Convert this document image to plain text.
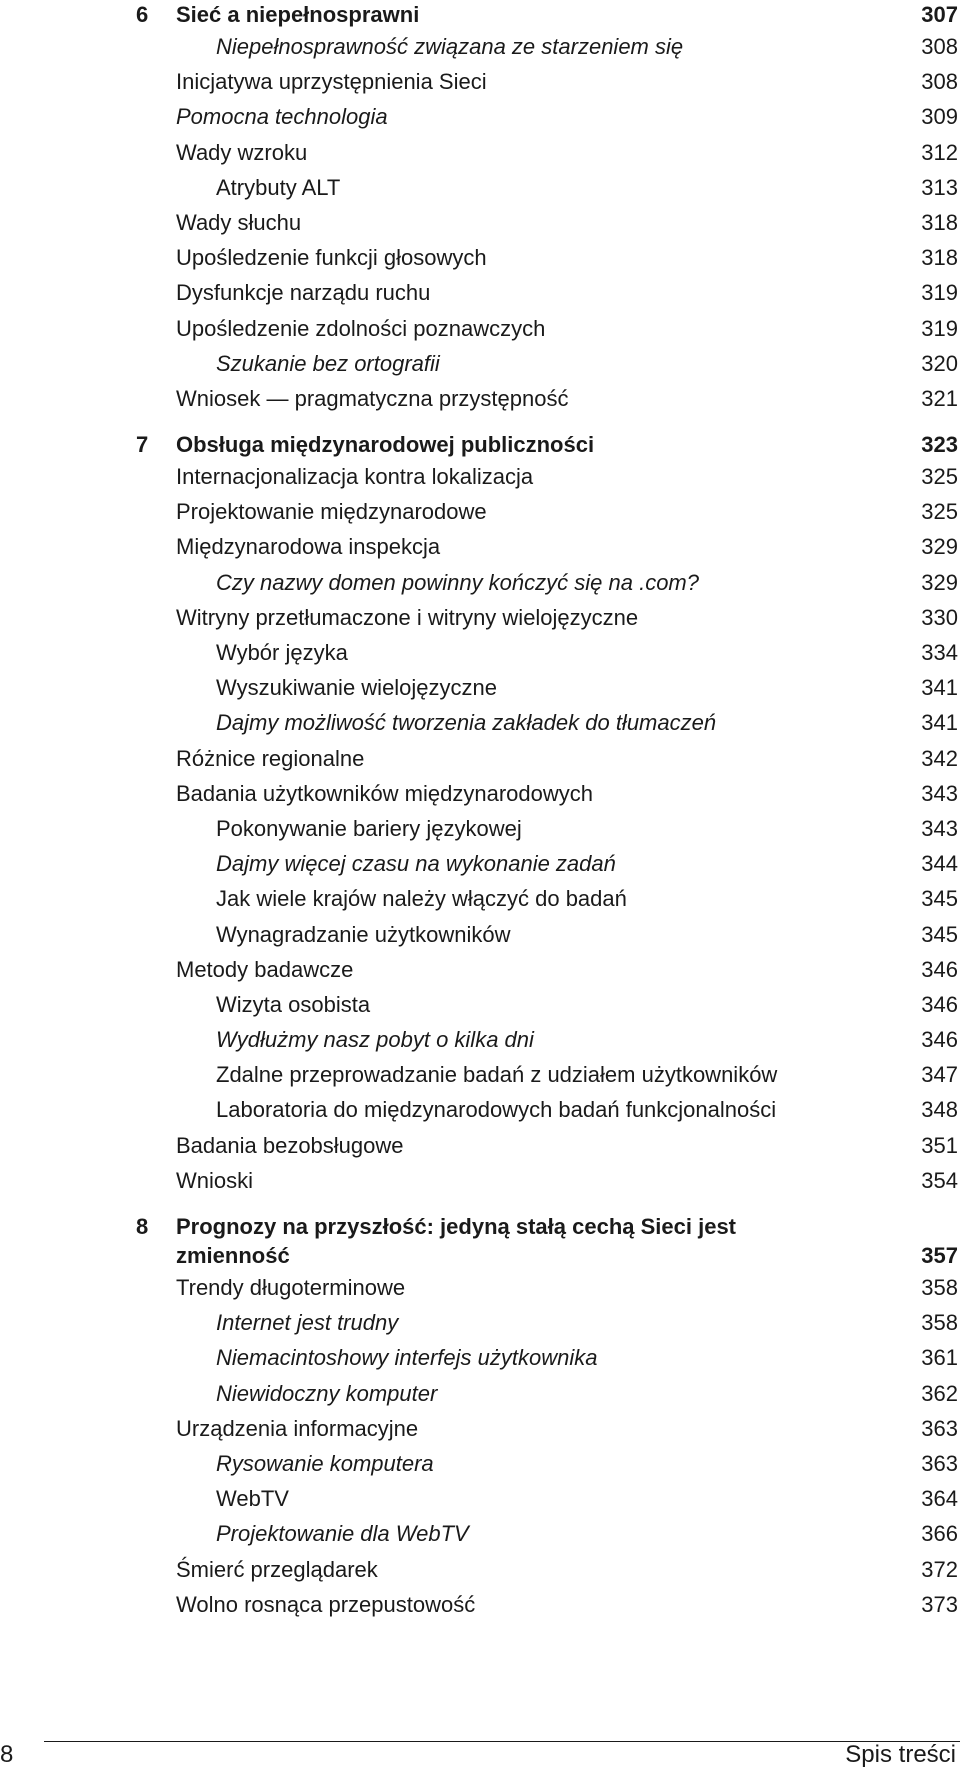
6 Sieć a niepełnosprawni	307
Niepełnosprawność związana ze starzeniem się	308
Inicjatywa uprzystępnienia Sieci	308
Pomocna technologia	309
Wady wzroku	312
Atrybuty ALT	313
Wady słuchu	318
Upośledzenie funkcji głosowych	318
Dysfunkcje narządu ruchu	319
Upośledzenie zdolności poznawczych	319
Szukanie bez ortografii	320
Wniosek — pragmatyczna przystępność	321
7 Obsługa międzynarodowej publiczności	323
Internacjonalizacja kontra lokalizacja	325
Projektowanie międzynarodowe	325
Międzynarodowa inspekcja	329
Czy nazwy domen powinny kończyć się na .com?	329
Witryny przetłumaczone i witryny wielojęzyczne	330
Wybór języka	334
Wyszukiwanie wielojęzyczne	341
Dajmy możliwość tworzenia zakładek do tłumaczeń	341
Różnice regionalne	342
Badania użytkowników międzynarodowych	343
Pokonywanie bariery językowej	343
Dajmy więcej czasu na wykonanie zadań	344
Jak wiele krajów należy włączyć do badań	345
Wynagradzanie użytkowników	345
Metody badawcze	346
Wizyta osobista	346
Wydłużmy nasz pobyt o kilka dni	346
Zdalne przeprowadzanie badań z udziałem użytkowników	347
Laboratoria do międzynarodowych badań funkcjonalności	348
Badania bezobsługowe	351
Wnioski	354
8 Prognozy na przyszłość: jedyną stałą cechą Sieci jest zmienność	357
Trendy długoterminowe	358
Internet jest trudny	358
Niemacintoshowy interfejs użytkownika	361
Niewidoczny komputer	362
Urządzenia informacyjne	363
Rysowanie komputera	363
WebTV	364
Projektowanie dla WebTV	366
Śmierć przeglądarek	372
Wolno rosnąca przepustowość	373
8	Spis treści
